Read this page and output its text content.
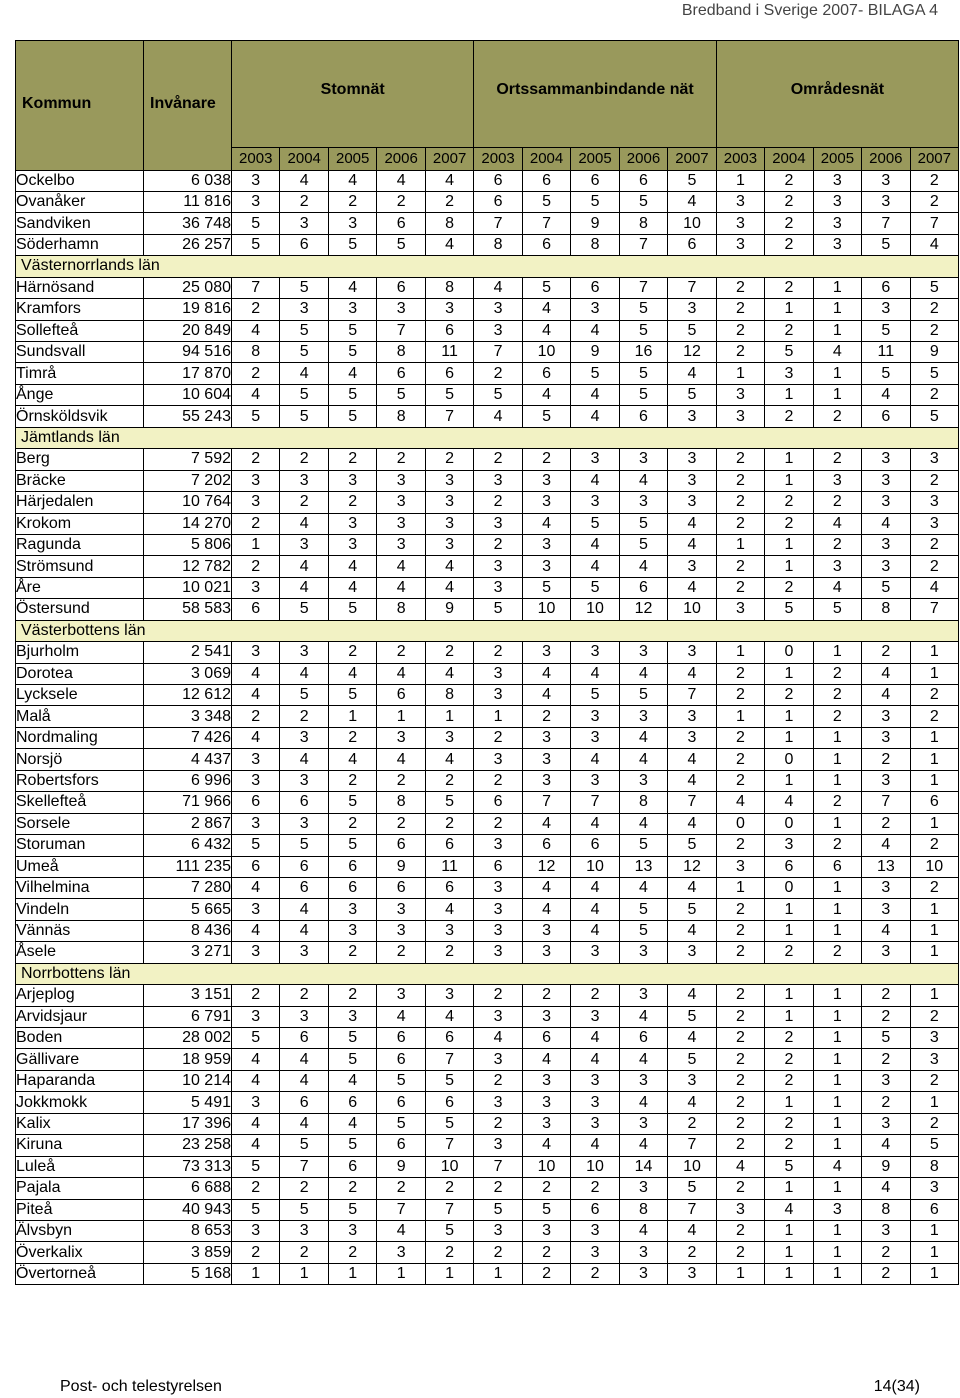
Bredband i Sverige 2007- BILAGA 4
Kommun	Invånare	Stomnät					Ortssammanbindande nät					Områdesnät				
		2003	2004	2005	2006	2007	2003	2004	2005	2006	2007	2003	2004	2005	2006	2007
Ockelbo	6 038	3	4	4	4	4	6	6	6	6	5	1	2	3	3	2
Ovanåker	11 816	3	2	2	2	2	6	5	5	5	4	3	2	3	3	2
Sandviken	36 748	5	3	3	6	8	7	7	9	8	10	3	2	3	7	7
Söderhamn	26 257	5	6	5	5	4	8	6	8	7	6	3	2	3	5	4
Västernorrlands län																
Härnösand	25 080	7	5	4	6	8	4	5	6	7	7	2	2	1	6	5
Kramfors	19 816	2	3	3	3	3	3	4	3	5	3	2	1	1	3	2
Sollefteå	20 849	4	5	5	7	6	3	4	4	5	5	2	2	1	5	2
Sundsvall	94 516	8	5	5	8	11	7	10	9	16	12	2	5	4	11	9
Timrå	17 870	2	4	4	6	6	2	6	5	5	4	1	3	1	5	5
Ånge	10 604	4	5	5	5	5	5	4	4	5	5	3	1	1	4	2
Örnsköldsvik	55 243	5	5	5	8	7	4	5	4	6	3	3	2	2	6	5
Jämtlands län																
Berg	7 592	2	2	2	2	2	2	2	3	3	3	2	1	2	3	3
Bräcke	7 202	3	3	3	3	3	3	3	4	4	3	2	1	3	3	2
Härjedalen	10 764	3	2	2	3	3	2	3	3	3	3	2	2	2	3	3
Krokom	14 270	2	4	3	3	3	3	4	5	5	4	2	2	4	4	3
Ragunda	5 806	1	3	3	3	3	2	3	4	5	4	1	1	2	3	2
Strömsund	12 782	2	4	4	4	4	3	3	4	4	3	2	1	3	3	2
Åre	10 021	3	4	4	4	4	3	5	5	6	4	2	2	4	5	4
Östersund	58 583	6	5	5	8	9	5	10	10	12	10	3	5	5	8	7
Västerbottens län																
Bjurholm	2 541	3	3	2	2	2	2	3	3	3	3	1	0	1	2	1
Dorotea	3 069	4	4	4	4	4	3	4	4	4	4	2	1	2	4	1
Lycksele	12 612	4	5	5	6	8	3	4	5	5	7	2	2	2	4	2
Malå	3 348	2	2	1	1	1	1	2	3	3	3	1	1	2	3	2
Nordmaling	7 426	4	3	2	3	3	2	3	3	4	3	2	1	1	3	1
Norsjö	4 437	3	4	4	4	4	3	3	4	4	4	2	0	1	2	1
Robertsfors	6 996	3	3	2	2	2	2	3	3	3	4	2	1	1	3	1
Skellefteå	71 966	6	6	5	8	5	6	7	7	8	7	4	4	2	7	6
Sorsele	2 867	3	3	2	2	2	2	4	4	4	4	0	0	1	2	1
Storuman	6 432	5	5	5	6	6	3	6	6	5	5	2	3	2	4	2
Umeå	111 235	6	6	6	9	11	6	12	10	13	12	3	6	6	13	10
Vilhelmina	7 280	4	6	6	6	6	3	4	4	4	4	1	0	1	3	2
Vindeln	5 665	3	4	3	3	4	3	4	4	5	5	2	1	1	3	1
Vännäs	8 436	4	4	3	3	3	3	3	4	5	4	2	1	1	4	1
Åsele	3 271	3	3	2	2	2	3	3	3	3	3	2	2	2	3	1
Norrbottens län																
Arjeplog	3 151	2	2	2	3	3	2	2	2	3	4	2	1	1	2	1
Arvidsjaur	6 791	3	3	3	4	4	3	3	3	4	5	2	1	1	2	2
Boden	28 002	5	6	5	6	6	4	6	4	6	4	2	2	1	5	3
Gällivare	18 959	4	4	5	6	7	3	4	4	4	5	2	2	1	2	3
Haparanda	10 214	4	4	4	5	5	2	3	3	3	3	2	2	1	3	2
Jokkmokk	5 491	3	6	6	6	6	3	3	3	4	4	2	1	1	2	1
Kalix	17 396	4	4	4	5	5	2	3	3	3	2	2	2	1	3	2
Kiruna	23 258	4	5	5	6	7	3	4	4	4	7	2	2	1	4	5
Luleå	73 313	5	7	6	9	10	7	10	10	14	10	4	5	4	9	8
Pajala	6 688	2	2	2	2	2	2	2	2	3	5	2	1	1	4	3
Piteå	40 943	5	5	5	7	7	5	5	6	8	7	3	4	3	8	6
Älvsbyn	8 653	3	3	3	4	5	3	3	3	4	4	2	1	1	3	1
Överkalix	3 859	2	2	2	3	2	2	2	3	3	2	2	1	1	2	1
Övertorneå	5 168	1	1	1	1	1	1	2	2	3	3	1	1	1	2	1
Post- och telestyrelsen	14(34)
